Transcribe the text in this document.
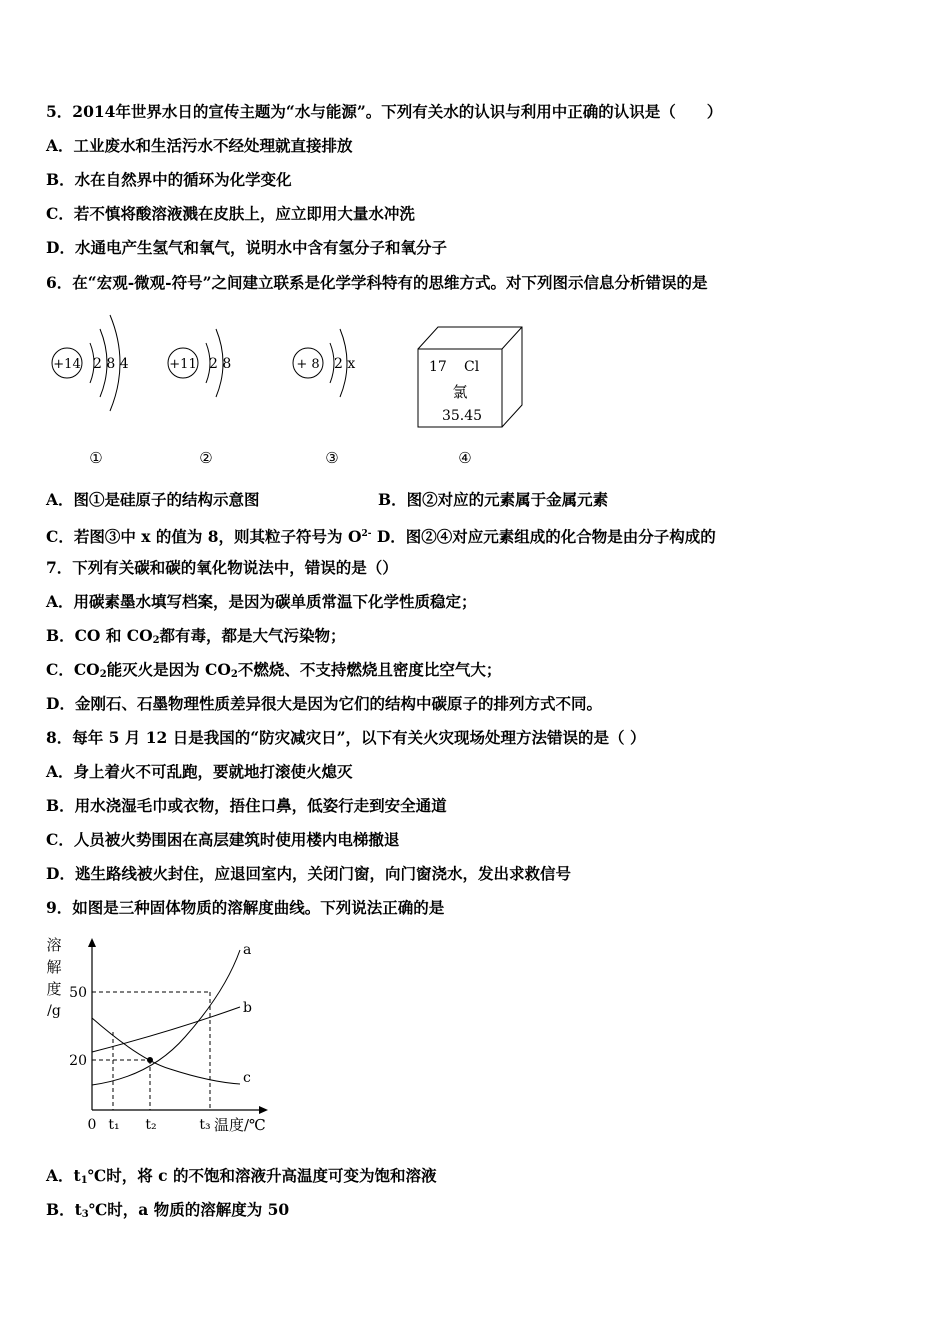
5．2014年世界水日的宣传主题为“水与能源”。下列有关水的认识与利用中正确的认识是（　　）
A．工业废水和生活污水不经处理就直接排放
B．水在自然界中的循环为化学变化
C．若不慎将酸溶液溅在皮肤上，应立即用大量水冲洗
D．水通电产生氢气和氧气，说明水中含有氢分子和氧分子
6．在“宏观-微观-符号”之间建立联系是化学学科特有的思维方式。对下列图示信息分析错误的是
+14 2 8 4
①
+11 2 8
②
+ 8 2 x
③
17 Cl
氯
35.45
④
A．图①是硅原子的结构示意图	B．图②对应的元素属于金属元素
C．若图③中 x 的值为 8，则其粒子符号为 $O^{2-}$ D．图②④对应元素组成的化合物是由分子构成的
7．下列有关碳和碳的氧化物说法中，错误的是（）
A．用碳素墨水填写档案，是因为碳单质常温下化学性质稳定；
B．CO 和 $CO_2$都有毒，都是大气污染物；
C．$CO_2$能灭火是因为 $CO_2$不燃烧、不支持燃烧且密度比空气大；
D．金刚石、石墨物理性质差异很大是因为它们的结构中碳原子的排列方式不同。
8．每年 5 月 12 日是我国的“防灾减灾日”，以下有关火灾现场处理方法错误的是（ ）
A．身上着火不可乱跑，要就地打滚使火熄灭
B．用水浇湿毛巾或衣物，捂住口鼻，低姿行走到安全通道
C．人员被火势围困在高层建筑时使用楼内电梯撤退
D．逃生路线被火封住，应退回室内，关闭门窗，向门窗浇水，发出求救信号
9．如图是三种固体物质的溶解度曲线。下列说法正确的是
溶
解
度
/g
a
b
c
50
20
0 t₁ t₂	t₃ 温度/℃
A．$t_1℃$时，将 c 的不饱和溶液升高温度可变为饱和溶液
B．$t_3℃$时，a 物质的溶解度为 50
